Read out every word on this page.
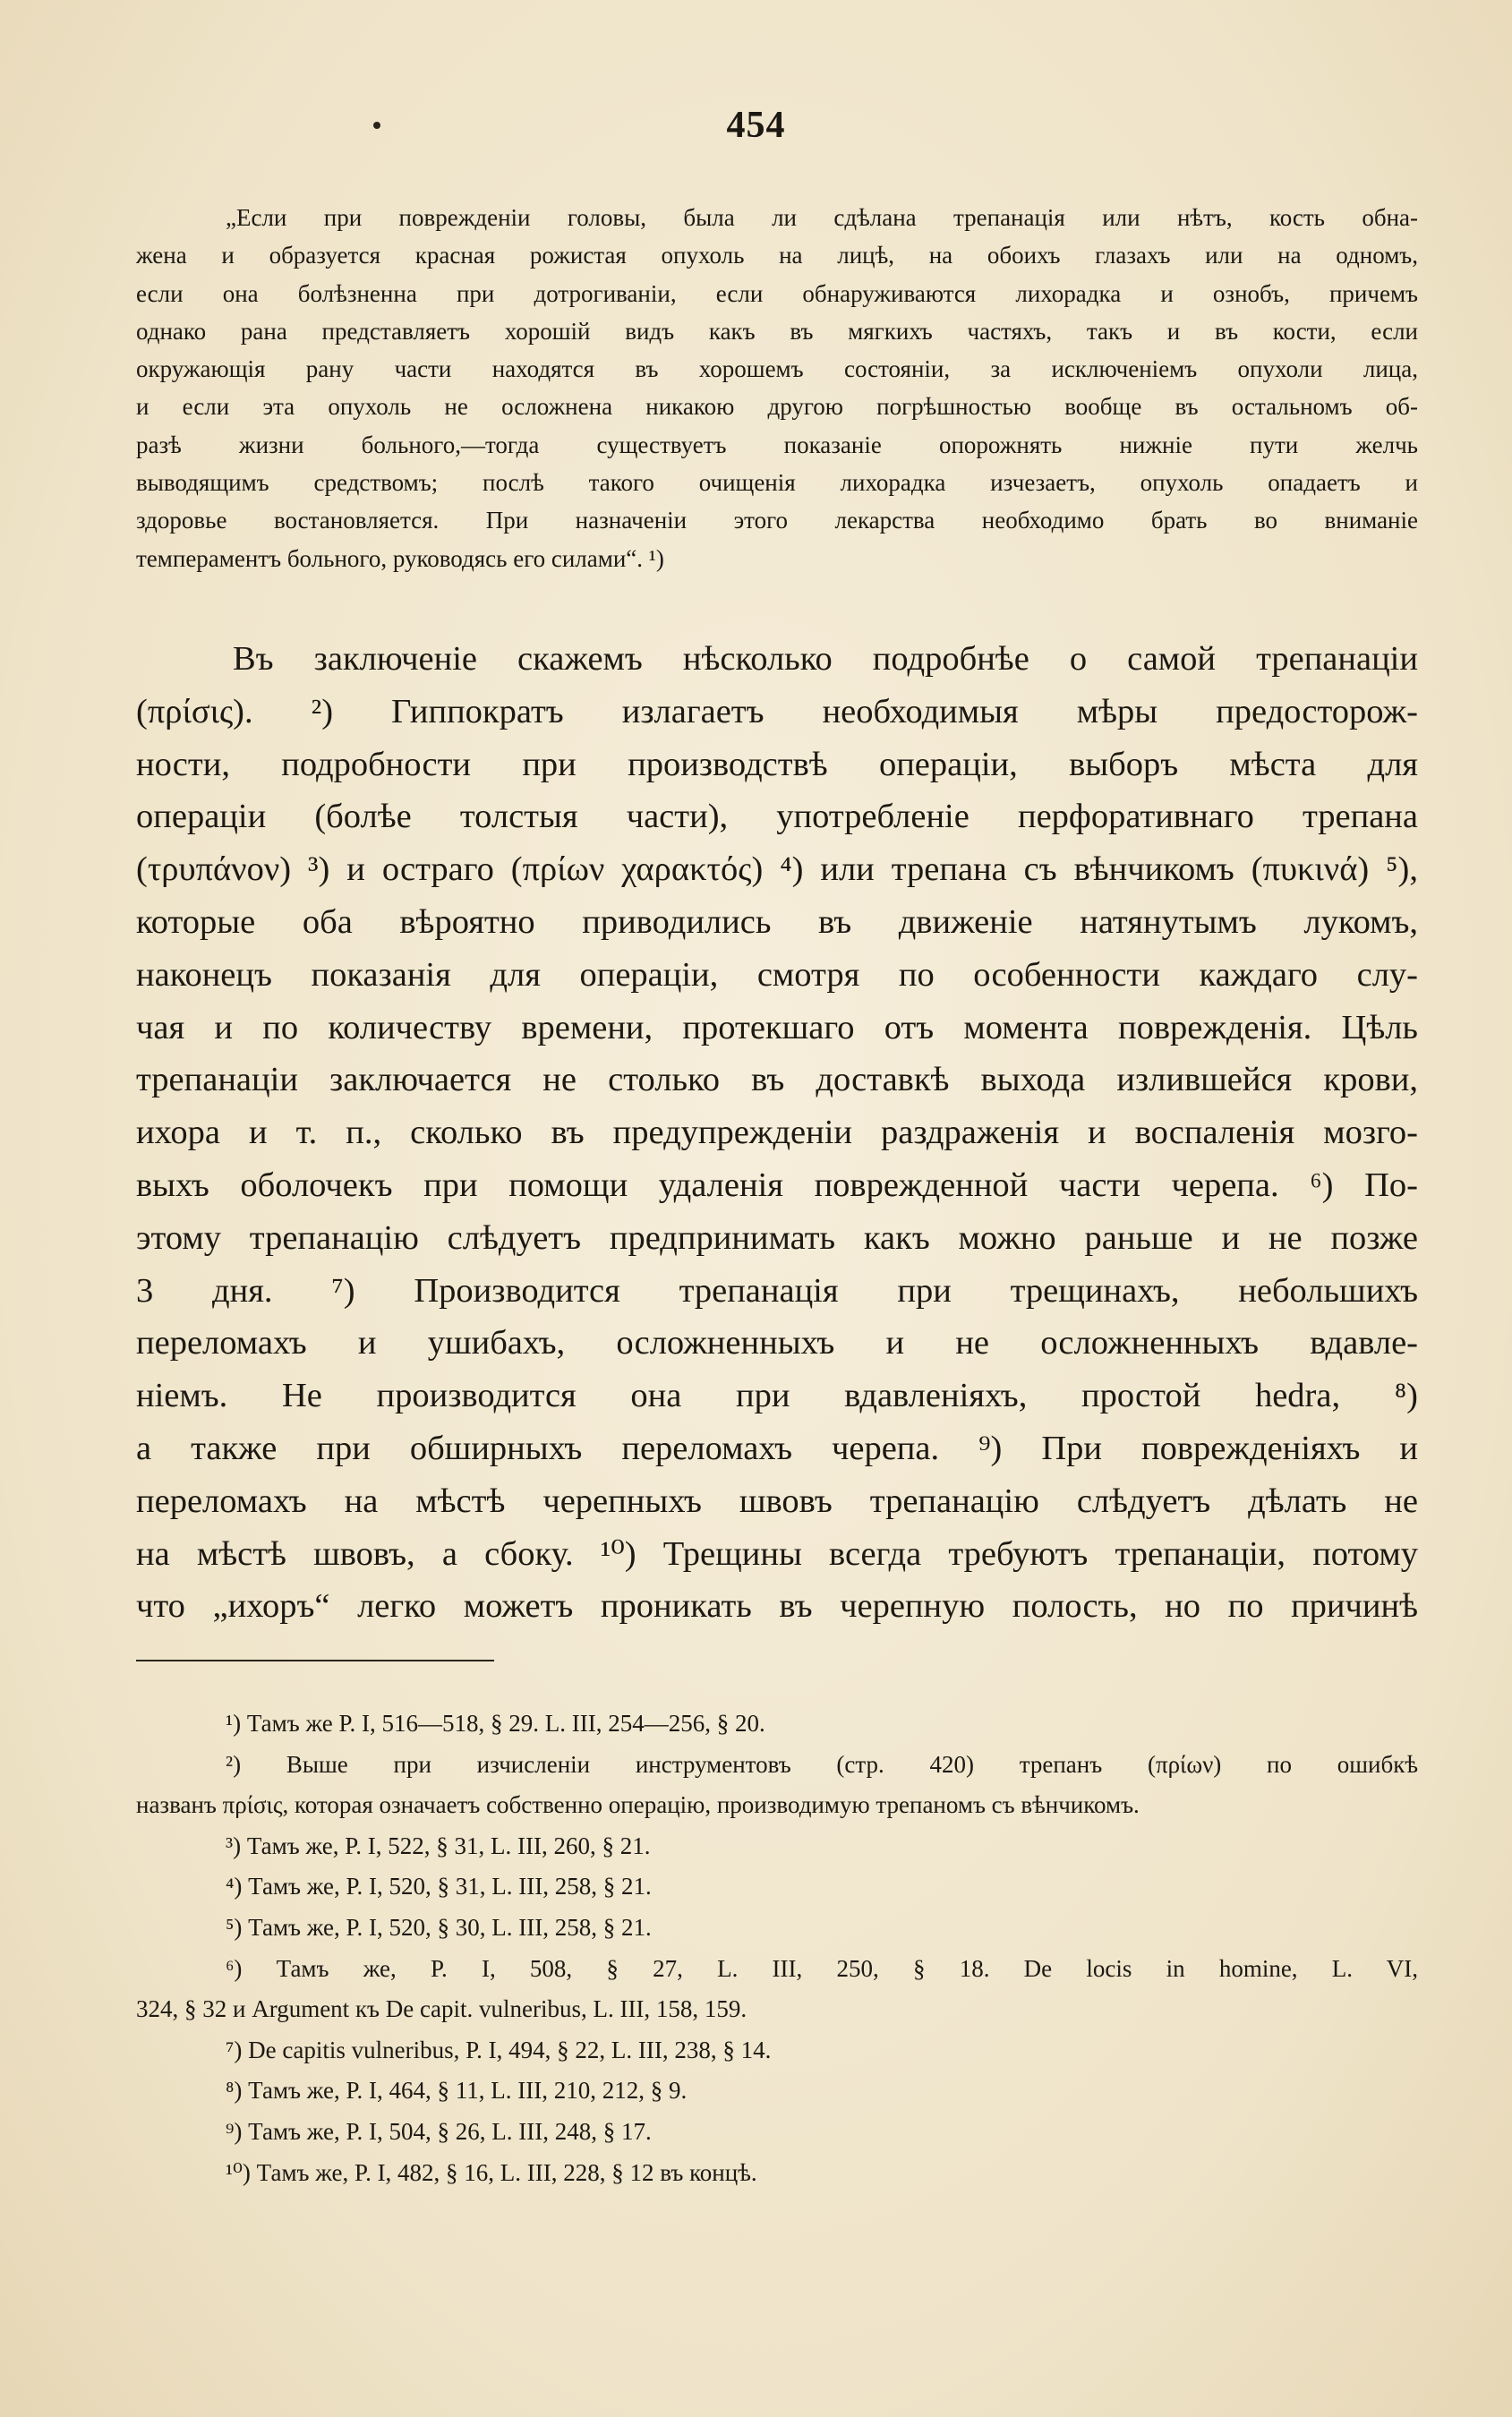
454
„Если при поврежденіи головы, была ли сдѣлана трепанація или нѣтъ, кость обна-
жена и образуется красная рожистая опухоль на лицѣ, на обоихъ глазахъ или на одномъ,
если она болѣзненна при дотрогиваніи, если обнаруживаются лихорадка и ознобъ, причемъ
однако рана представляетъ хорошій видъ какъ въ мягкихъ частяхъ, такъ и въ кости, если
окружающія рану части находятся въ хорошемъ состояніи, за исключеніемъ опухоли лица,
и если эта опухоль не осложнена никакою другою погрѣшностью вообще въ остальномъ об-
разѣ жизни больного,—тогда существуетъ показаніе опорожнять нижніе пути желчь
выводящимъ средствомъ; послѣ такого очищенія лихорадка изчезаетъ, опухоль опадаетъ и
здоровье востановляется. При назначеніи этого лекарства необходимо брать во вниманіе
темпераментъ больного, руководясь его силами“. ¹)
Въ заключеніе скажемъ нѣсколько подробнѣе о самой трепанаціи
(πρίσις). ²) Гиппократъ излагаетъ необходимыя мѣры предосторож-
ности, подробности при производствѣ операціи, выборъ мѣста для
операціи (болѣе толстыя части), употребленіе перфоративнаго трепана
(τρυπάνον) ³) и остраго (πρίων χαρακτός) ⁴) или трепана съ вѣнчикомъ (πυκινά) ⁵),
которые оба вѣроятно приводились въ движеніе натянутымъ лукомъ,
наконецъ показанія для операціи, смотря по особенности каждаго слу-
чая и по количеству времени, протекшаго отъ момента поврежденія. Цѣль
трепанаціи заключается не столько въ доставкѣ выхода излившейся крови,
ихора и т. п., сколько въ предупрежденіи раздраженія и воспаленія мозго-
выхъ оболочекъ при помощи удаленія поврежденной части черепа. ⁶) По-
этому трепанацію слѣдуетъ предпринимать какъ можно раньше и не позже
3 дня. ⁷) Производится трепанація при трещинахъ, небольшихъ
переломахъ и ушибахъ, осложненныхъ и не осложненныхъ вдавле-
ніемъ. Не производится она при вдавленіяхъ, простой hedra, ⁸)
а также при обширныхъ переломахъ черепа. ⁹) При поврежденіяхъ и
переломахъ на мѣстѣ черепныхъ швовъ трепанацію слѣдуетъ дѣлать не
на мѣстѣ швовъ, а сбоку. ¹⁰) Трещины всегда требуютъ трепанаціи, потому
что „ихоръ“ легко можетъ проникать въ черепную полость, но по причинѣ
¹) Тамъ же P. I, 516—518, § 29. L. III, 254—256, § 20.
²) Выше при изчисленіи инструментовъ (стр. 420) трепанъ (πρίων) по ошибкѣ
названъ πρίσις, которая означаетъ собственно операцію, производимую трепаномъ съ вѣнчикомъ.
³) Тамъ же, P. I, 522, § 31, L. III, 260, § 21.
⁴) Тамъ же, P. I, 520, § 31, L. III, 258, § 21.
⁵) Тамъ же, P. I, 520, § 30, L. III, 258, § 21.
⁶) Тамъ же, P. I, 508, § 27, L. III, 250, § 18. De locis in homine, L. VI,
324, § 32 и Argument къ De capit. vulneribus, L. III, 158, 159.
⁷) De capitis vulneribus, P. I, 494, § 22, L. III, 238, § 14.
⁸) Тамъ же, P. I, 464, § 11, L. III, 210, 212, § 9.
⁹) Тамъ же, P. I, 504, § 26, L. III, 248, § 17.
¹⁰) Тамъ же, P. I, 482, § 16, L. III, 228, § 12 въ концѣ.
